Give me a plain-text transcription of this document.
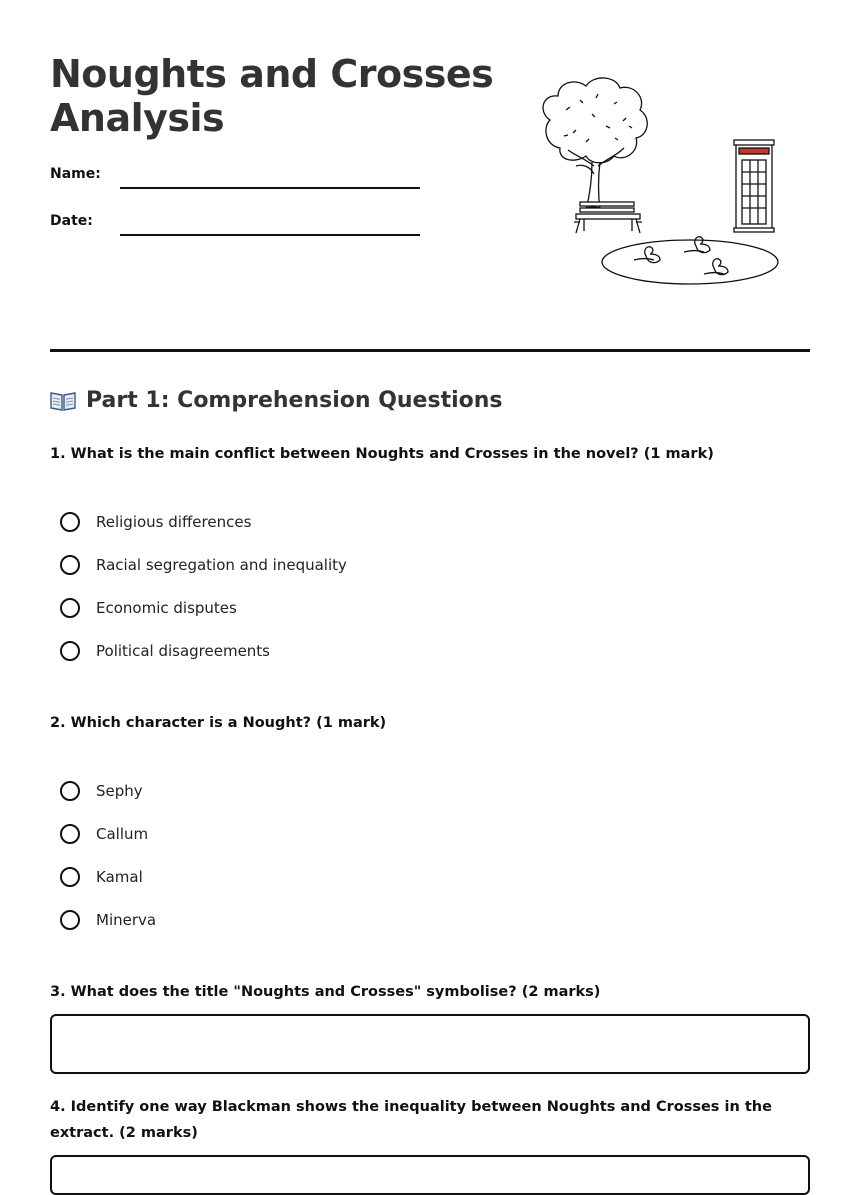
Noughts and Crosses Analysis
Name:
Date:
Part 1: Comprehension Questions

1. What is the main conflict between Noughts and Crosses in the novel? (1 mark)

Religious differences
Racial segregation and inequality
Economic disputes
Political disagreements

2. Which character is a Nought? (1 mark)

Sephy
Callum
Kamal
Minerva

3. What does the title "Noughts and Crosses" symbolise? (2 marks)

4. Identify one way Blackman shows the inequality between Noughts and Crosses in the extract. (2 marks)
